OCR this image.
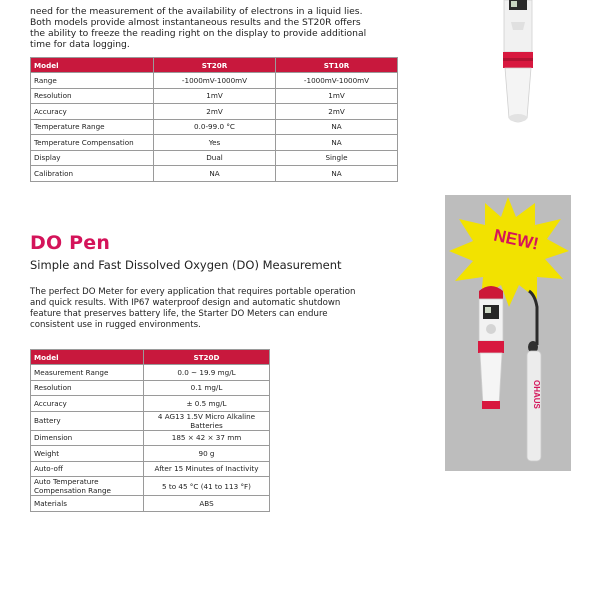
need for the measurement of the availability of electrons in a liquid lies. Both models provide almost instantaneous results and the ST20R offers the ability to freeze the reading right on the display to provide additional time for data logging.

Model	ST20R	ST10R
Range	-1000mV-1000mV	-1000mV-1000mV
Resolution	1mV	1mV
Accuracy	2mV	2mV
Temperature Range	0.0-99.0 °C	NA
Temperature Compensation	Yes	NA
Display	Dual	Single
Calibration	NA	NA
DO Pen
Simple and Fast Dissolved Oxygen (DO) Measurement

The perfect DO Meter for every application that requires portable operation and quick results. With IP67 waterproof design and automatic shutdown feature that preserves battery life, the Starter DO Meters can endure consistent use in rugged environments.

Model	ST20D
Measurement Range	0.0 ~ 19.9 mg/L
Resolution	0.1 mg/L
Accuracy	± 0.5 mg/L
Battery	4 AG13 1.5V Micro Alkaline Batteries
Dimension	185 × 42 × 37 mm
Weight	90 g
Auto-off	After 15 Minutes of Inactivity
Auto Temperature Compensation Range	5 to 45 °C (41 to 113 °F)
Materials	ABS
NEW!
OHAUS
